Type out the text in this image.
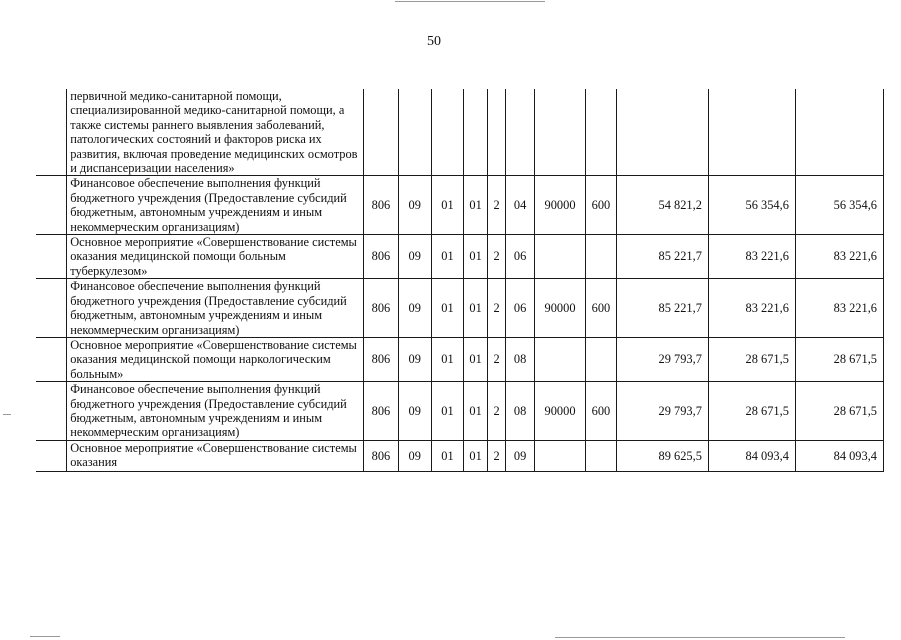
50
	первичной медико-санитарной помощи, специализированной медико-санитарной помощи, а также системы раннего выявления заболеваний, патологических состояний и факторов риска их развития, включая проведение медицинских осмотров и диспансеризации населения»											
	Финансовое обеспечение выполнения функций бюджетного учреждения (Предоставление субсидий бюджетным, автономным учреждениям и иным некоммерческим организациям)	806	09	01	01	2	04	90000	600	54 821,2	56 354,6	56 354,6
	Основное мероприятие «Совершенствование системы оказания медицинской помощи больным туберкулезом»	806	09	01	01	2	06			85 221,7	83 221,6	83 221,6
	Финансовое обеспечение выполнения функций бюджетного учреждения (Предоставление субсидий бюджетным, автономным учреждениям и иным некоммерческим организациям)	806	09	01	01	2	06	90000	600	85 221,7	83 221,6	83 221,6
	Основное мероприятие «Совершенствование системы оказания медицинской помощи наркологическим больным»	806	09	01	01	2	08			29 793,7	28 671,5	28 671,5
	Финансовое обеспечение выполнения функций бюджетного учреждения (Предоставление субсидий бюджетным, автономным учреждениям и иным некоммерческим организациям)	806	09	01	01	2	08	90000	600	29 793,7	28 671,5	28 671,5
	Основное мероприятие «Совершенствование системы оказания	806	09	01	01	2	09			89 625,5	84 093,4	84 093,4
